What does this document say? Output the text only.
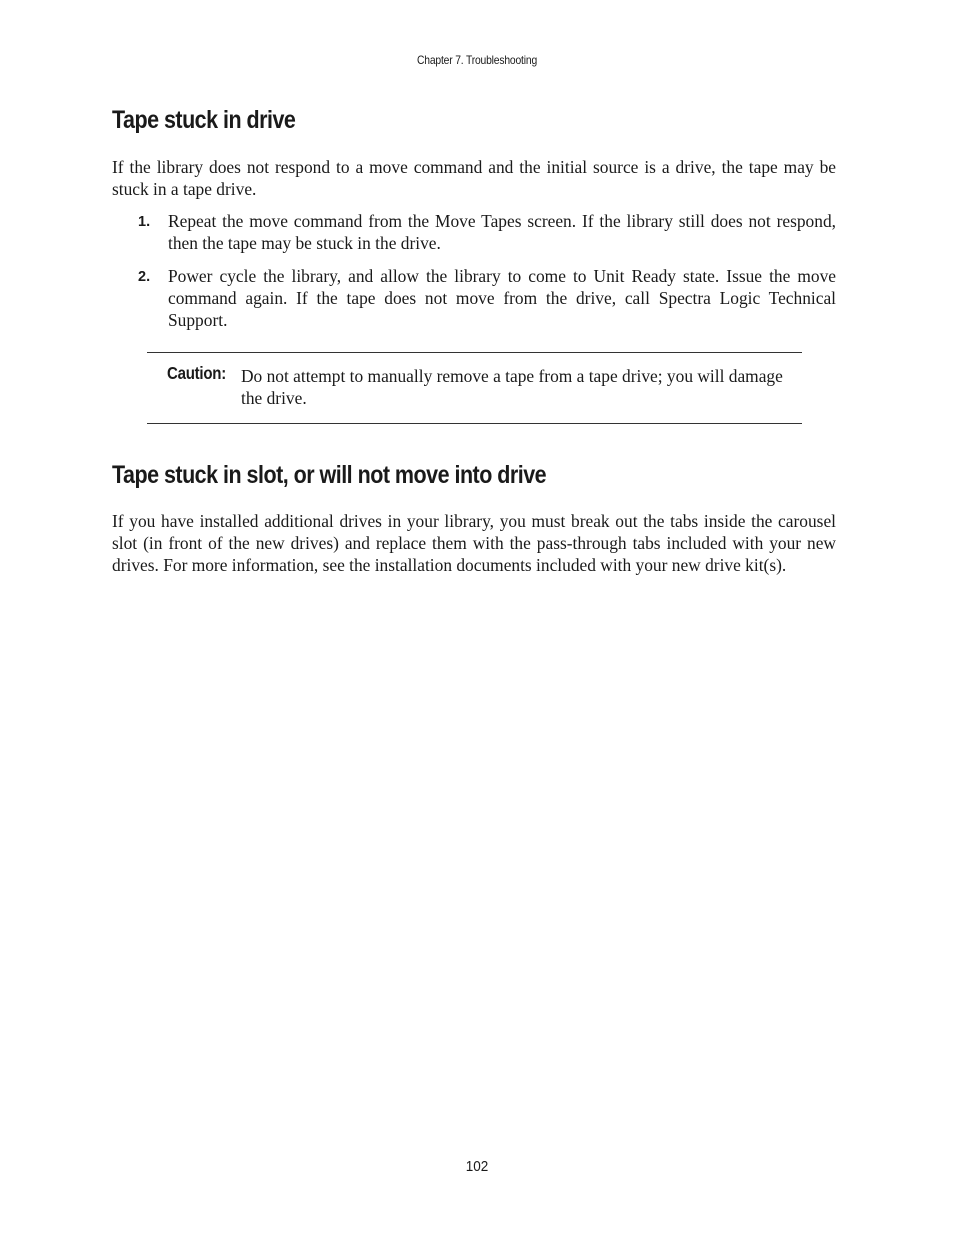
Chapter 7. Troubleshooting
Tape stuck in drive

If the library does not respond to a move command and the initial source is a drive, the tape may be stuck in a tape drive.

1.	Repeat the move command from the Move Tapes screen. If the library still does not respond, then the tape may be stuck in the drive.
2.	Power cycle the library, and allow the library to come to Unit Ready state. Issue the move command again. If the tape does not move from the drive, call Spectra Logic Technical Support.
Caution: Do not attempt to manually remove a tape from a tape drive; you will damage the drive.
Tape stuck in slot, or will not move into drive

If you have installed additional drives in your library, you must break out the tabs inside the carousel slot (in front of the new drives) and replace them with the pass-through tabs included with your new drives. For more information, see the installation documents included with your new drive kit(s).

102
